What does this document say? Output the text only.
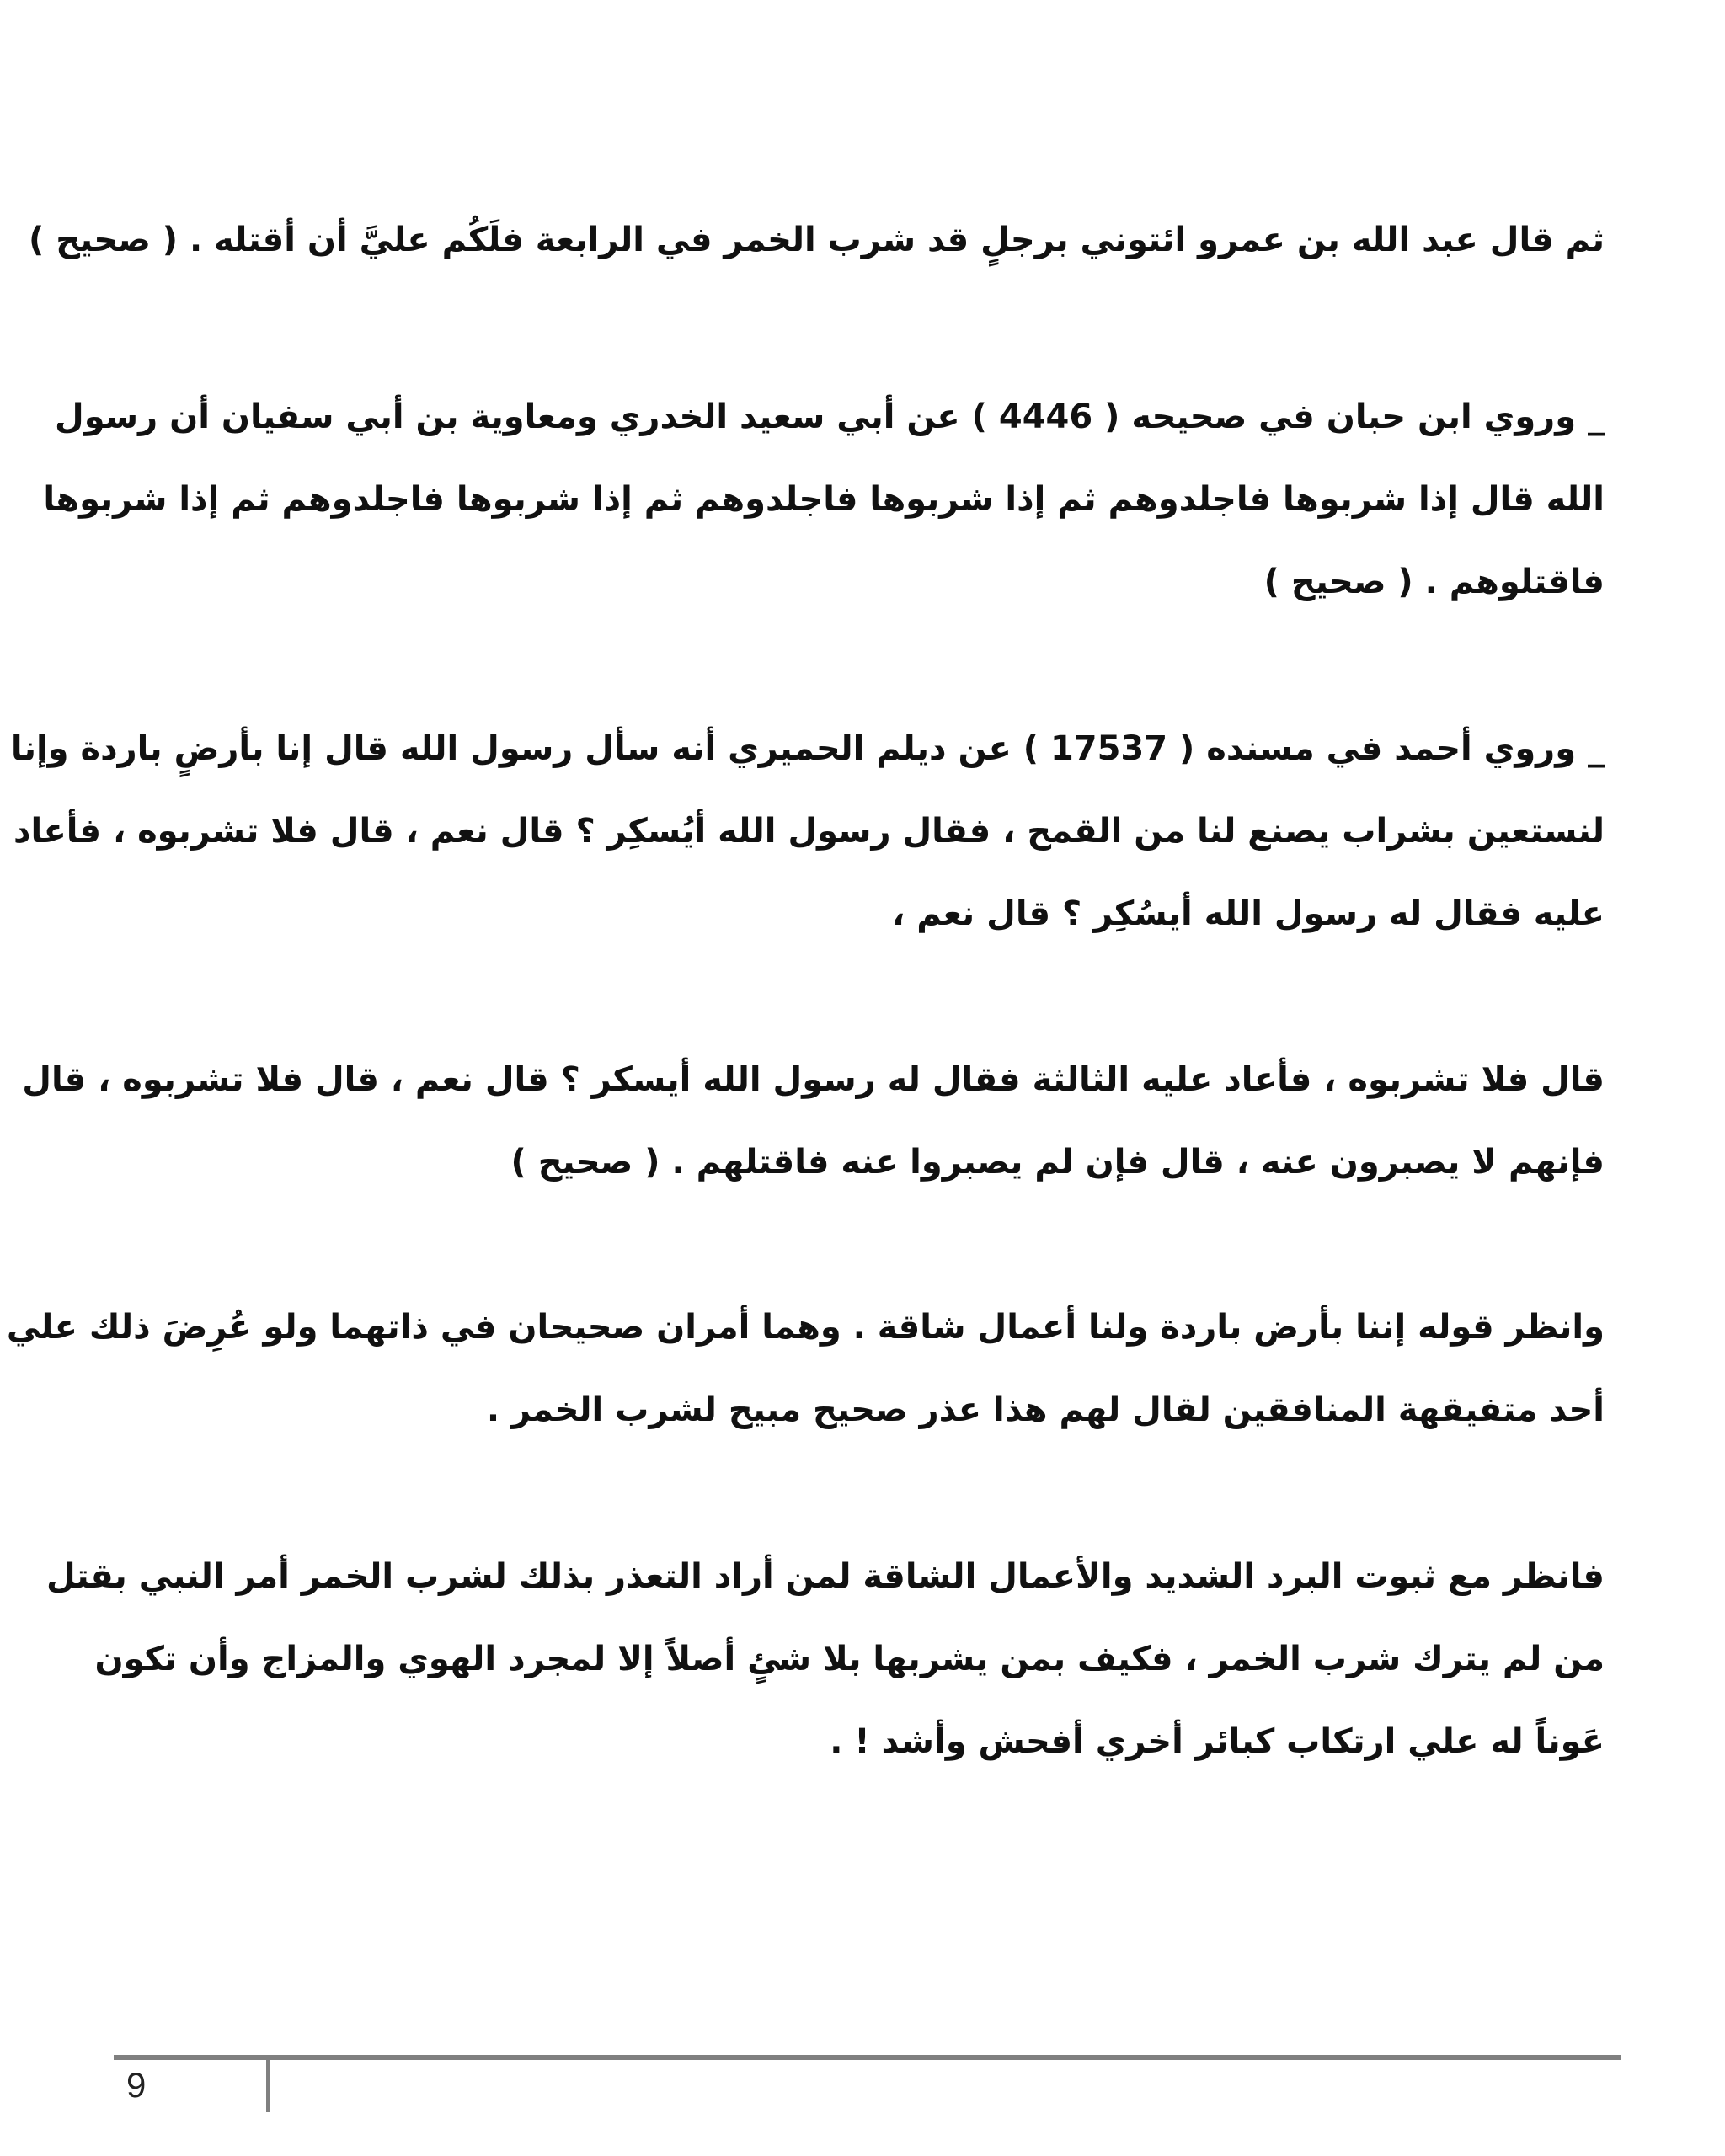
ثم قال عبد الله بن عمرو ائتوني برجلٍ قد شرب الخمر في الرابعة فلَكُم عليَّ أن أقتله . ( صحيح )

_ وروي ابن حبان في صحيحه ( 4446 ) عن أبي سعيد الخدري ومعاوية بن أبي سفيان أن رسول
الله قال إذا شربوها فاجلدوهم ثم إذا شربوها فاجلدوهم ثم إذا شربوها فاجلدوهم ثم إذا شربوها
فاقتلوهم . ( صحيح )

_ وروي أحمد في مسنده ( 17537 ) عن ديلم الحميري أنه سأل رسول الله قال إنا بأرضٍ باردة وإنا
لنستعين بشراب يصنع لنا من القمح ، فقال رسول الله أيُسكِر ؟ قال نعم ، قال فلا تشربوه ، فأعاد
عليه فقال له رسول الله أيسُكِر ؟ قال نعم ،

قال فلا تشربوه ، فأعاد عليه الثالثة فقال له رسول الله أيسكر ؟ قال نعم ، قال فلا تشربوه ، قال
فإنهم لا يصبرون عنه ، قال فإن لم يصبروا عنه فاقتلهم . ( صحيح )

وانظر قوله إننا بأرض باردة ولنا أعمال شاقة . وهما أمران صحيحان في ذاتهما ولو عُرِضَ ذلك علي
أحد متفيقهة المنافقين لقال لهم هذا عذر صحيح مبيح لشرب الخمر .

فانظر مع ثبوت البرد الشديد والأعمال الشاقة لمن أراد التعذر بذلك لشرب الخمر أمر النبي بقتل
من لم يترك شرب الخمر ، فكيف بمن يشربها بلا شئٍ أصلاً إلا لمجرد الهوي والمزاج وأن تكون
عَوناً له علي ارتكاب كبائر أخري أفحش وأشد ! .

9
